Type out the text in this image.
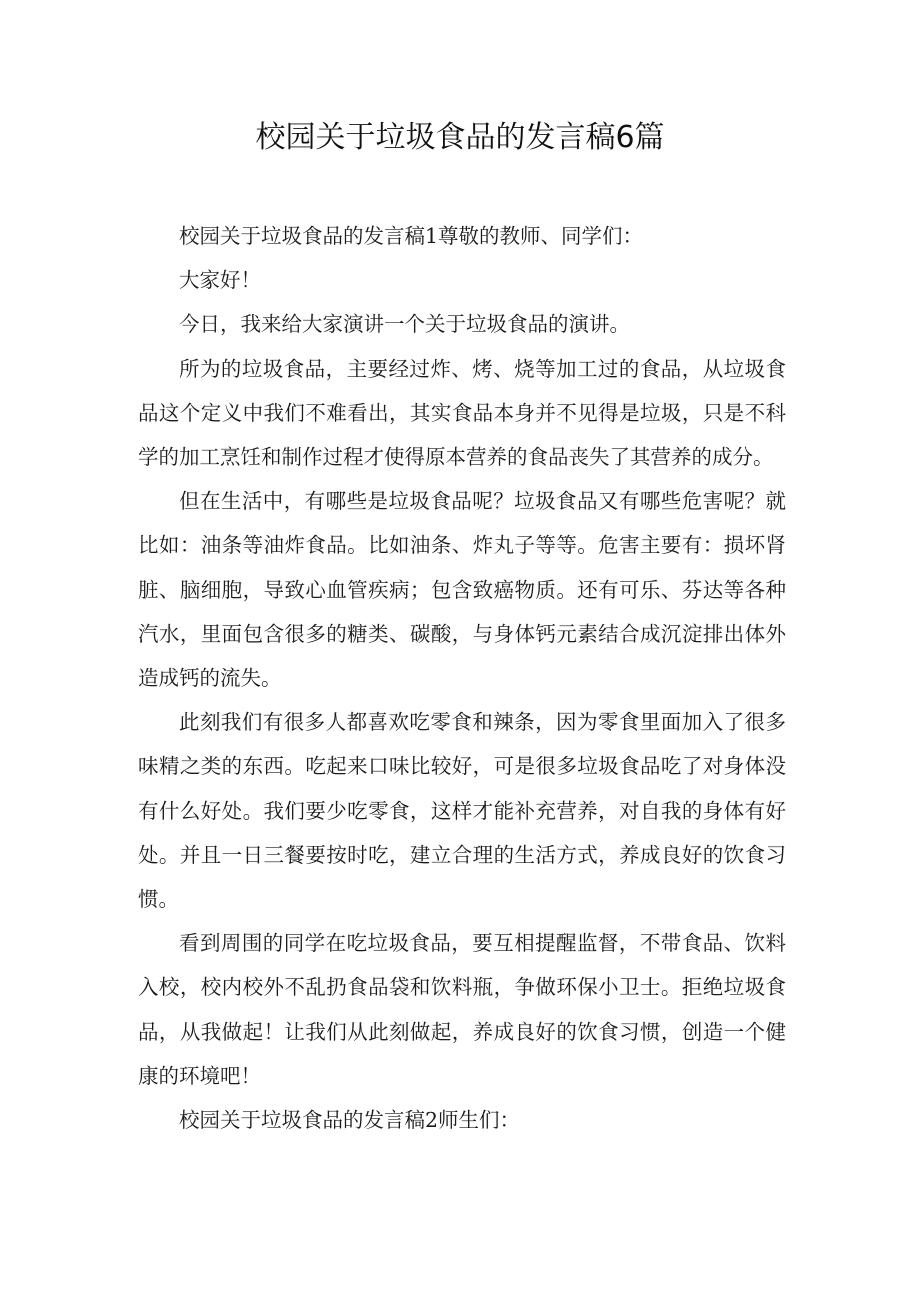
校园关于垃圾食品的发言稿6篇

校园关于垃圾食品的发言稿1尊敬的教师、同学们：

大家好！

今日，我来给大家演讲一个关于垃圾食品的演讲。

所为的垃圾食品，主要经过炸、烤、烧等加工过的食品，从垃圾食品这个定义中我们不难看出，其实食品本身并不见得是垃圾，只是不科学的加工烹饪和制作过程才使得原本营养的食品丧失了其营养的成分。

但在生活中，有哪些是垃圾食品呢？垃圾食品又有哪些危害呢？就比如：油条等油炸食品。比如油条、炸丸子等等。危害主要有：损坏肾脏、脑细胞，导致心血管疾病；包含致癌物质。还有可乐、芬达等各种汽水，里面包含很多的糖类、碳酸，与身体钙元素结合成沉淀排出体外造成钙的流失。

此刻我们有很多人都喜欢吃零食和辣条，因为零食里面加入了很多味精之类的东西。吃起来口味比较好，可是很多垃圾食品吃了对身体没有什么好处。我们要少吃零食，这样才能补充营养，对自我的身体有好处。并且一日三餐要按时吃，建立合理的生活方式，养成良好的饮食习惯。

看到周围的同学在吃垃圾食品，要互相提醒监督，不带食品、饮料入校，校内校外不乱扔食品袋和饮料瓶，争做环保小卫士。拒绝垃圾食品，从我做起！让我们从此刻做起，养成良好的饮食习惯，创造一个健康的环境吧！

校园关于垃圾食品的发言稿2师生们：
